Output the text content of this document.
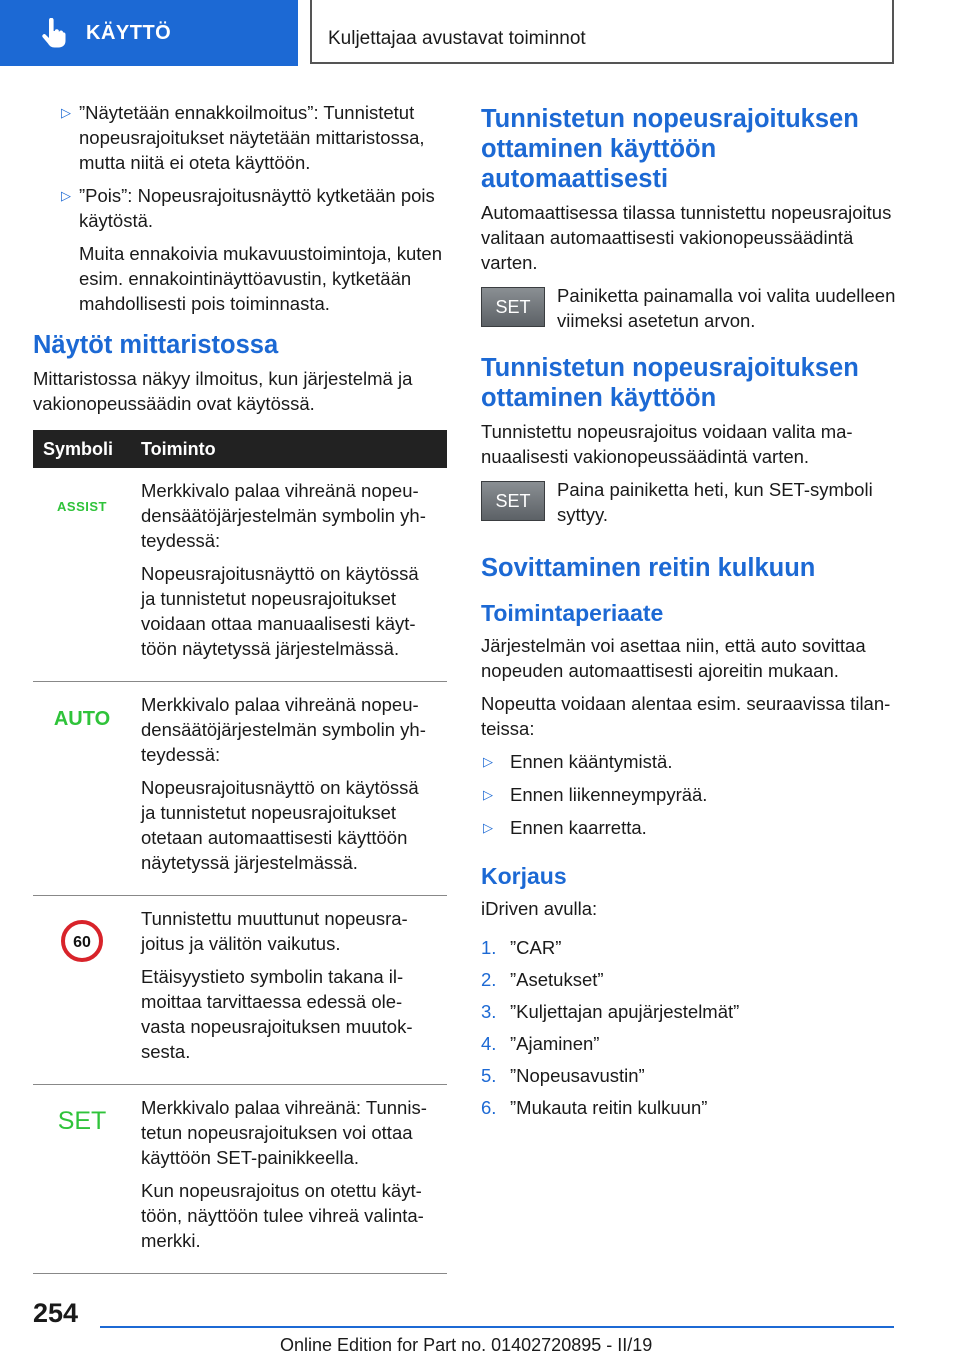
KÄYTTÖ	Kuljettajaa avustavat toiminnot
▷ ”Näytetään ennakkoilmoitus”: Tunnistetut nopeusrajoitukset näytetään mittaristossa, mutta niitä ei oteta käyttöön.
▷ ”Pois”: Nopeusrajoitusnäyttö kytketään pois käytöstä.

Muita ennakoivia mukavuustoimintoja, kuten esim. ennakointinäyttöavustin, kytketään mahdollisesti pois toiminnasta.

Näytöt mittaristossa

Mittaristossa näkyy ilmoitus, kun järjestelmä ja vakionopeussäädin ovat käytössä.

Symboli	Toiminto
ASSIST	Merkkivalo palaa vihreänä nopeudensäätöjärjestelmän symbolin yhteydessä:

Nopeusrajoitusnäyttö on käytössä ja tunnistetut nopeusrajoitukset voidaan ottaa manuaalisesti käyttöön näytetyssä järjestelmässä.

AUTO	Merkkivalo palaa vihreänä nopeudensäätöjärjestelmän symbolin yhteydessä:

Nopeusrajoitusnäyttö on käytössä ja tunnistetut nopeusrajoitukset otetaan automaattisesti käyttöön näytetyssä järjestelmässä.

60	Tunnistettu muuttunut nopeusrajoitus ja välitön vaikutus.

Etäisyystieto symbolin takana ilmoittaa tarvittaessa edessä olevasta nopeusrajoituksen muutoksesta.

SET	Merkkivalo palaa vihreänä: Tunnistetun nopeusrajoituksen voi ottaa käyttöön SET-painikkeella.

Kun nopeusrajoitus on otettu käyttöön, näyttöön tulee vihreä valintamerkki.

Tunnistetun nopeusrajoituksen ottaminen käyttöön automaattisesti

Automaattisessa tilassa tunnistettu nopeusrajoitus valitaan automaattisesti vakionopeussäädintä varten.

SET
Painiketta painamalla voi valita uudelleen viimeksi asetetun arvon.
Tunnistetun nopeusrajoituksen ottaminen käyttöön

Tunnistettu nopeusrajoitus voidaan valita manuaalisesti vakionopeussäädintä varten.

SET
Paina painiketta heti, kun SET-symboli syttyy.
Sovittaminen reitin kulkuun
Toimintaperiaate

Järjestelmän voi asettaa niin, että auto sovittaa nopeuden automaattisesti ajoreitin mukaan.

Nopeutta voidaan alentaa esim. seuraavissa tilanteissa:

▷ Ennen kääntymistä.
▷ Ennen liikenneympyrää.
▷ Ennen kaarretta.
Korjaus

iDriven avulla:

1. ”CAR”
2. ”Asetukset”
3. ”Kuljettajan apujärjestelmät”
4. ”Ajaminen”
5. ”Nopeusavustin”
6. ”Mukauta reitin kulkuun”
254
Online Edition for Part no. 01402720895 - II/19
